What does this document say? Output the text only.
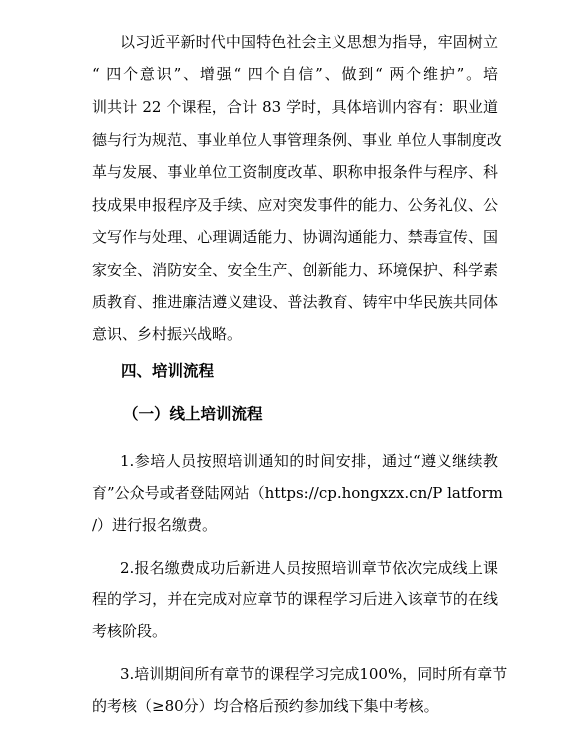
以习近平新时代中国特色社会主义思想为指导，牢固树立
“ 四个意识”、增强“ 四个自信”、做到“ 两个维护”。培
训共计 22 个课程，合计 83 学时，具体培训内容有：职业道
德与行为规范、事业单位人事管理条例、事业 单位人事制度改
革与发展、事业单位工资制度改革、职称申报条件与程序、科
技成果申报程序及手续、应对突发事件的能力、公务礼仪、公
文写作与处理、心理调适能力、协调沟通能力、禁毒宣传、国
家安全、消防安全、安全生产、创新能力、环境保护、科学素
质教育、推进廉洁遵义建设、普法教育、铸牢中华民族共同体
意识、乡村振兴战略。
四、培训流程
（一）线上培训流程
1.参培人员按照培训通知的时间安排，通过“遵义继续教
育”公众号或者登陆网站（https://cp.hongxzx.cn/P latform
/）进行报名缴费。
2.报名缴费成功后新进人员按照培训章节依次完成线上课
程的学习，并在完成对应章节的课程学习后进入该章节的在线
考核阶段。
3.培训期间所有章节的课程学习完成100%，同时所有章节
的考核（≥80分）均合格后预约参加线下集中考核。
